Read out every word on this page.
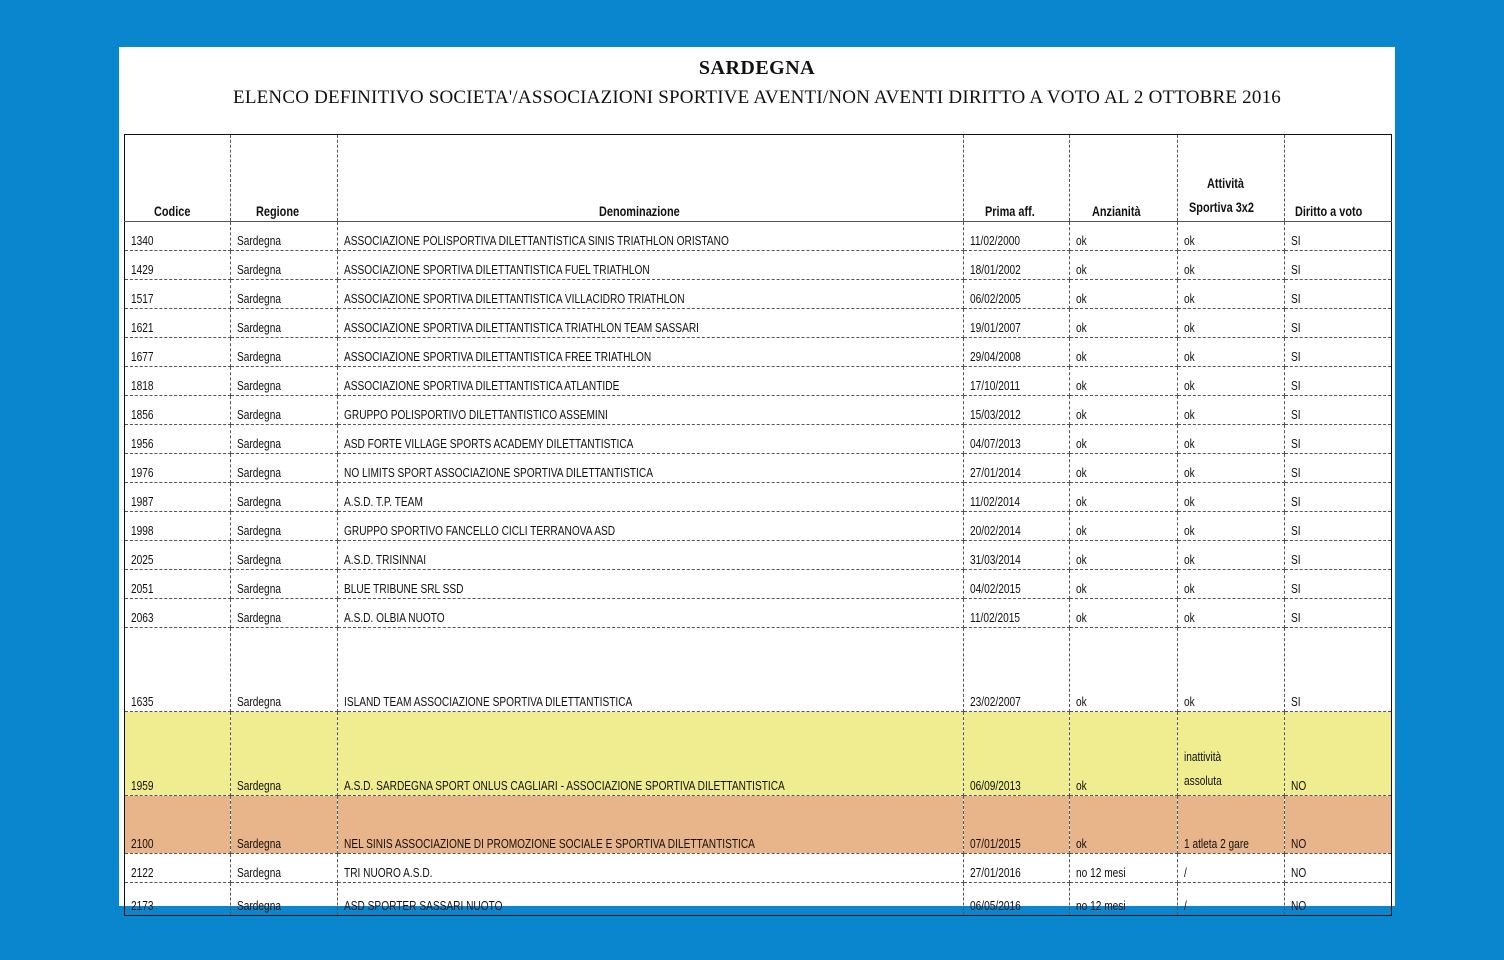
SARDEGNA
ELENCO DEFINITIVO SOCIETA'/ASSOCIAZIONI SPORTIVE AVENTI/NON AVENTI DIRITTO A VOTO AL 2 OTTOBRE 2016
Codice	Regione	Denominazione	Prima aff.	Anzianità	Attività
Sportiva 3x2	Diritto a voto
1340	Sardegna	ASSOCIAZIONE POLISPORTIVA DILETTANTISTICA SINIS TRIATHLON ORISTANO	11/02/2000	ok	ok	SI
1429	Sardegna	ASSOCIAZIONE SPORTIVA DILETTANTISTICA FUEL TRIATHLON	18/01/2002	ok	ok	SI
1517	Sardegna	ASSOCIAZIONE SPORTIVA DILETTANTISTICA VILLACIDRO TRIATHLON	06/02/2005	ok	ok	SI
1621	Sardegna	ASSOCIAZIONE SPORTIVA DILETTANTISTICA TRIATHLON TEAM SASSARI	19/01/2007	ok	ok	SI
1677	Sardegna	ASSOCIAZIONE SPORTIVA DILETTANTISTICA FREE TRIATHLON	29/04/2008	ok	ok	SI
1818	Sardegna	ASSOCIAZIONE SPORTIVA DILETTANTISTICA ATLANTIDE	17/10/2011	ok	ok	SI
1856	Sardegna	GRUPPO POLISPORTIVO DILETTANTISTICO ASSEMINI	15/03/2012	ok	ok	SI
1956	Sardegna	ASD FORTE VILLAGE SPORTS ACADEMY DILETTANTISTICA	04/07/2013	ok	ok	SI
1976	Sardegna	NO LIMITS SPORT ASSOCIAZIONE SPORTIVA DILETTANTISTICA	27/01/2014	ok	ok	SI
1987	Sardegna	A.S.D. T.P. TEAM	11/02/2014	ok	ok	SI
1998	Sardegna	GRUPPO SPORTIVO FANCELLO CICLI TERRANOVA ASD	20/02/2014	ok	ok	SI
2025	Sardegna	A.S.D. TRISINNAI	31/03/2014	ok	ok	SI
2051	Sardegna	BLUE TRIBUNE SRL SSD	04/02/2015	ok	ok	SI
2063	Sardegna	A.S.D. OLBIA NUOTO	11/02/2015	ok	ok	SI
1635	Sardegna	ISLAND TEAM ASSOCIAZIONE SPORTIVA DILETTANTISTICA	23/02/2007	ok	ok	SI
1959	Sardegna	A.S.D. SARDEGNA SPORT ONLUS CAGLIARI - ASSOCIAZIONE SPORTIVA DILETTANTISTICA	06/09/2013	ok	inattività
assoluta	NO
2100	Sardegna	NEL SINIS ASSOCIAZIONE DI PROMOZIONE SOCIALE E SPORTIVA DILETTANTISTICA	07/01/2015	ok	1 atleta 2 gare	NO
2122	Sardegna	TRI NUORO A.S.D.	27/01/2016	no 12 mesi	/	NO
2173	Sardegna	ASD SPORTER SASSARI NUOTO	06/05/2016	no 12 mesi	/	NO
